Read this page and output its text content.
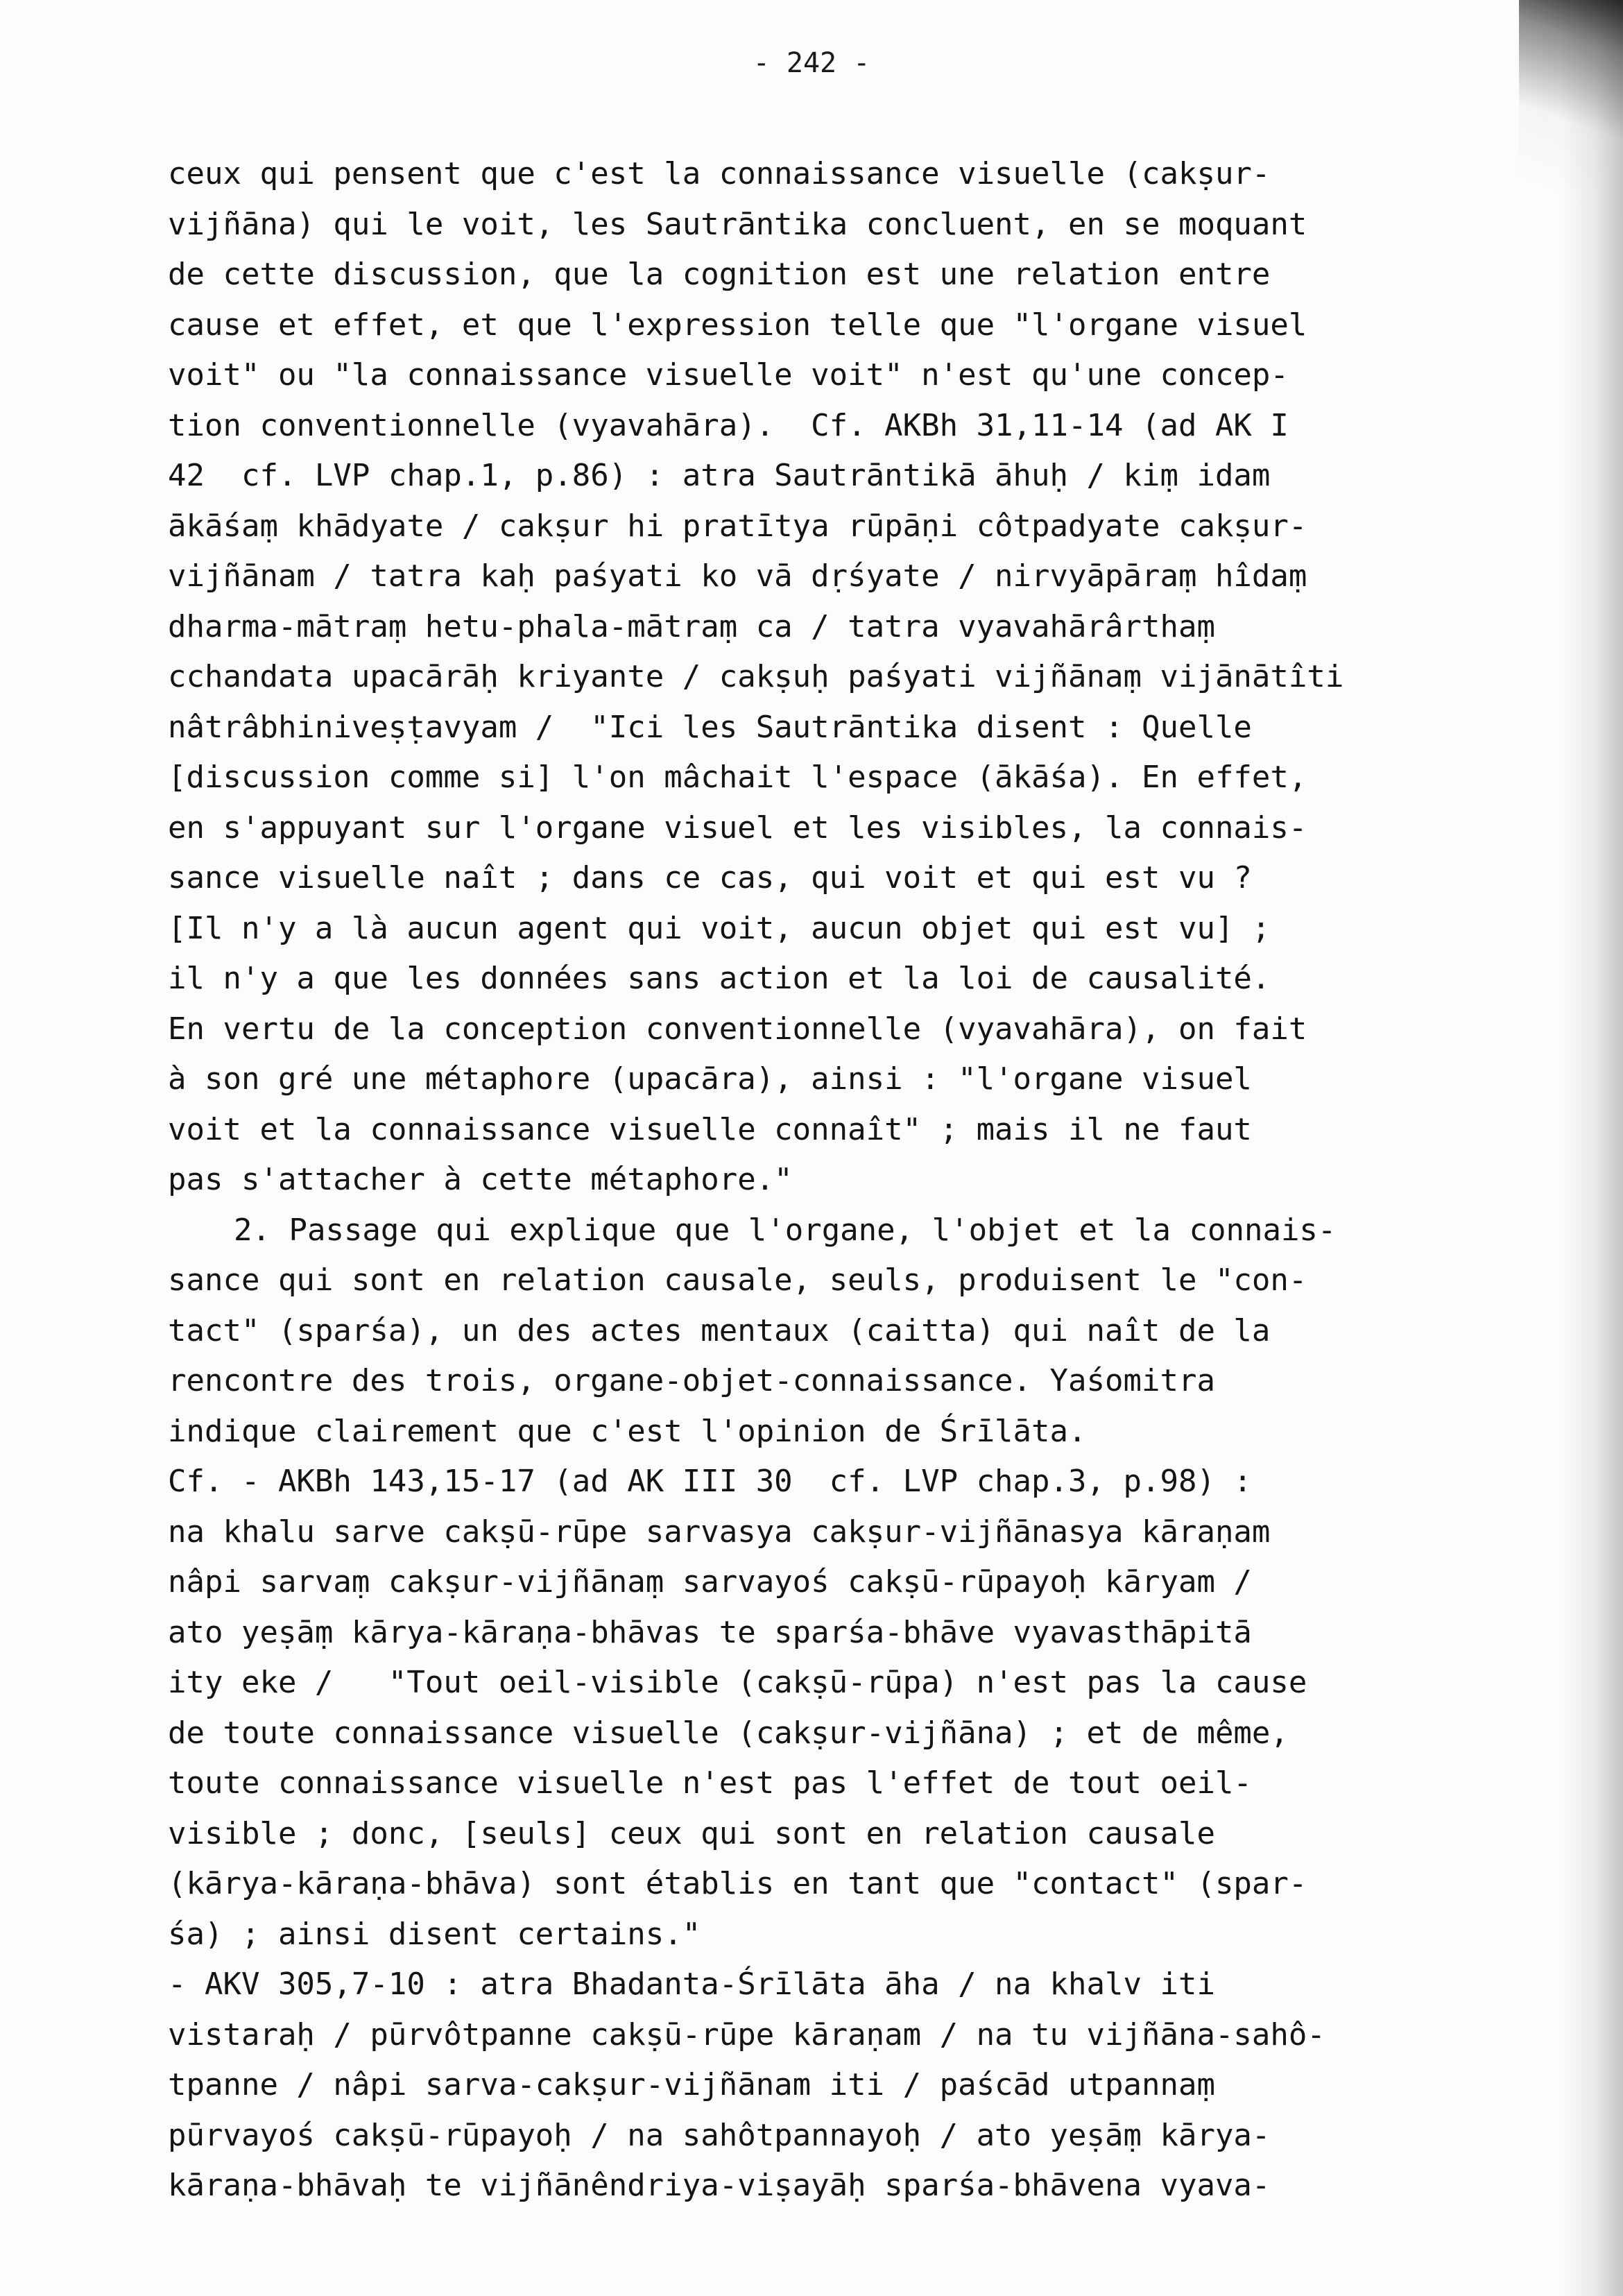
- 242 -
ceux qui pensent que c'est la connaissance visuelle (cakṣur-
vijñāna) qui le voit, les Sautrāntika concluent, en se moquant
de cette discussion, que la cognition est une relation entre
cause et effet, et que l'expression telle que "l'organe visuel
voit" ou "la connaissance visuelle voit" n'est qu'une concep-
tion conventionnelle (vyavahāra).  Cf. AKBh 31,11-14 (ad AK I
42  cf. LVP chap.1, p.86) : atra Sautrāntikā āhuḥ / kiṃ idam
ākāśaṃ khādyate / cakṣur hi pratītya rūpāṇi côtpadyate cakṣur-
vijñānam / tatra kaḥ paśyati ko vā dṛśyate / nirvyāpāraṃ hîdaṃ
dharma-mātraṃ hetu-phala-mātraṃ ca / tatra vyavahārârthaṃ
cchandata upacārāḥ kriyante / cakṣuḥ paśyati vijñānaṃ vijānātîti
nâtrâbhiniveṣṭavyam /  "Ici les Sautrāntika disent : Quelle
[discussion comme si] l'on mâchait l'espace (ākāśa). En effet,
en s'appuyant sur l'organe visuel et les visibles, la connais-
sance visuelle naît ; dans ce cas, qui voit et qui est vu ?
[Il n'y a là aucun agent qui voit, aucun objet qui est vu] ;
il n'y a que les données sans action et la loi de causalité.
En vertu de la conception conventionnelle (vyavahāra), on fait
à son gré une métaphore (upacāra), ainsi : "l'organe visuel
voit et la connaissance visuelle connaît" ; mais il ne faut
pas s'attacher à cette métaphore."
2. Passage qui explique que l'organe, l'objet et la connais-
sance qui sont en relation causale, seuls, produisent le "con-
tact" (sparśa), un des actes mentaux (caitta) qui naît de la
rencontre des trois, organe-objet-connaissance. Yaśomitra
indique clairement que c'est l'opinion de Śrīlāta.
Cf. - AKBh 143,15-17 (ad AK III 30  cf. LVP chap.3, p.98) :
na khalu sarve cakṣū-rūpe sarvasya cakṣur-vijñānasya kāraṇam
nâpi sarvaṃ cakṣur-vijñānaṃ sarvayoś cakṣū-rūpayoḥ kāryam /
ato yeṣāṃ kārya-kāraṇa-bhāvas te sparśa-bhāve vyavasthāpitā
ity eke /   "Tout oeil-visible (cakṣū-rūpa) n'est pas la cause
de toute connaissance visuelle (cakṣur-vijñāna) ; et de même,
toute connaissance visuelle n'est pas l'effet de tout oeil-
visible ; donc, [seuls] ceux qui sont en relation causale
(kārya-kāraṇa-bhāva) sont établis en tant que "contact" (spar-
śa) ; ainsi disent certains."
- AKV 305,7-10 : atra Bhadanta-Śrīlāta āha / na khalv iti
vistaraḥ / pūrvôtpanne cakṣū-rūpe kāraṇam / na tu vijñāna-sahô-
tpanne / nâpi sarva-cakṣur-vijñānam iti / paścād utpannaṃ
pūrvayoś cakṣū-rūpayoḥ / na sahôtpannayoḥ / ato yeṣāṃ kārya-
kāraṇa-bhāvaḥ te vijñānêndriya-viṣayāḥ sparśa-bhāvena vyava-
